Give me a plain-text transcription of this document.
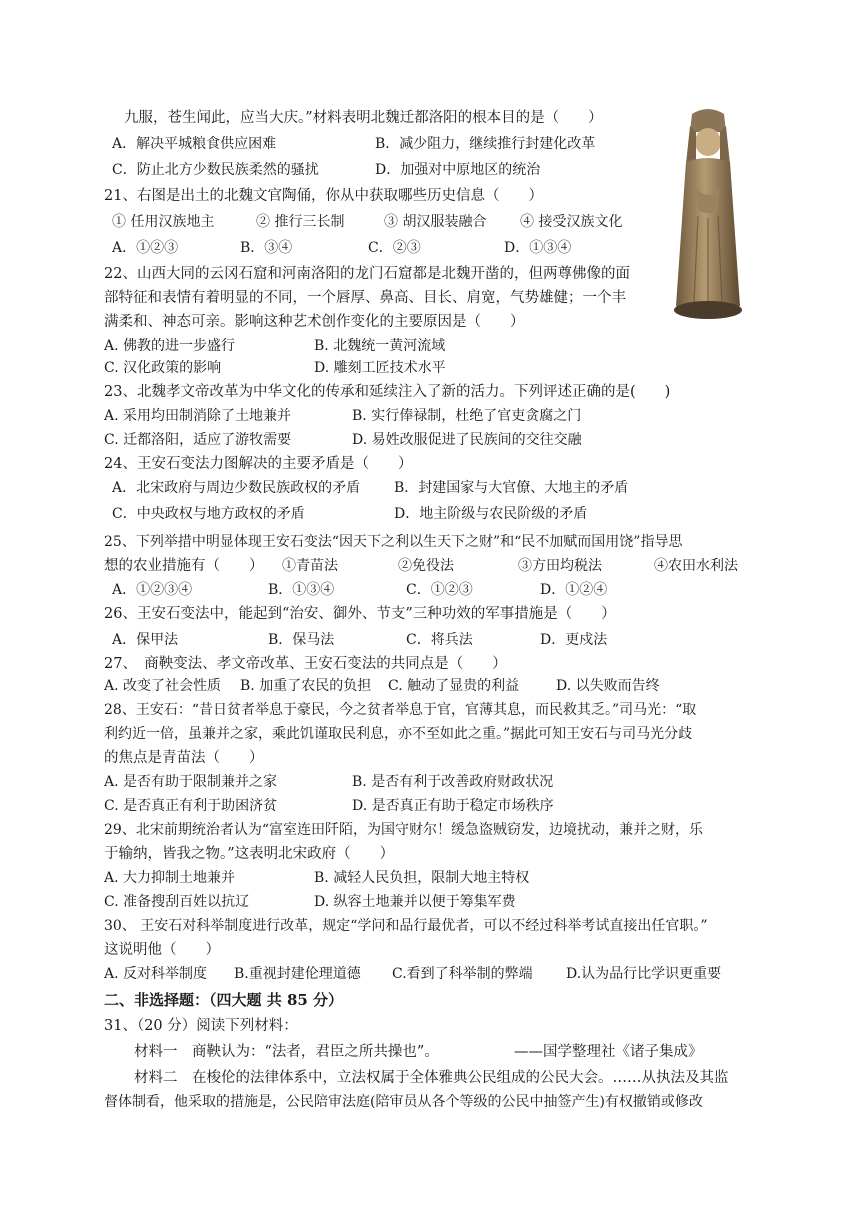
九服，苍生闻此，应当大庆。”材料表明北魏迁都洛阳的根本目的是（　　）
A．解决平城粮食供应困难	B．减少阻力，继续推行封建化改革
C．防止北方少数民族柔然的骚扰	D．加强对中原地区的统治
21、右图是出土的北魏文官陶俑，你从中获取哪些历史信息（　　）
① 任用汉族地主	② 推行三长制	③ 胡汉服装融合 ④ 接受汉族文化
A．①②③	B．③④	C．②③	D．①③④
22、山西大同的云冈石窟和河南洛阳的龙门石窟都是北魏开凿的，但两尊佛像的面
部特征和表情有着明显的不同，一个唇厚、鼻高、目长、肩宽，气势雄健；一个丰
满柔和、神态可亲。影响这种艺术创作变化的主要原因是（　　）
A. 佛教的进一步盛行	B. 北魏统一黄河流域
C. 汉化政策的影响	D. 雕刻工匠技术水平
23、北魏孝文帝改革为中华文化的传承和延续注入了新的活力。下列评述正确的是(　　)
A. 采用均田制消除了土地兼并	B. 实行俸禄制，杜绝了官吏贪腐之门
C. 迁都洛阳，适应了游牧需要	D. 易姓改服促进了民族间的交往交融
24、王安石变法力图解决的主要矛盾是（　　）
A．北宋政府与周边少数民族政权的矛盾 B．封建国家与大官僚、大地主的矛盾
C．中央政权与地方政权的矛盾	D．地主阶级与农民阶级的矛盾
25、下列举措中明显体现王安石变法“因天下之利以生天下之财”和“民不加赋而国用饶”指导思
想的农业措施有（　　） ①青苗法	②免役法	③方田均税法	④农田水利法
A．①②③④	B．①③④	C．①②③	D．①②④
26、王安石变法中，能起到“治安、御外、节支”三种功效的军事措施是（　　）
A．保甲法	B．保马法	C．将兵法	D．更戍法
27、　商鞅变法、孝文帝改革、王安石变法的共同点是（　　）
A. 改变了社会性质 B. 加重了农民的负担 C. 触动了显贵的利益	D. 以失败而告终
28、王安石：“昔日贫者举息于豪民，今之贫者举息于官，官薄其息，而民救其乏。”司马光：“取
利约近一倍，虽兼并之家，乘此饥谨取民利息，亦不至如此之重。”据此可知王安石与司马光分歧
的焦点是青苗法（　　）
A. 是否有助于限制兼并之家	B. 是否有利于改善政府财政状况
C. 是否真正有利于助困济贫	D. 是否真正有助于稳定市场秩序
29、北宋前期统治者认为“富室连田阡陌，为国守财尔！缓急盗贼窃发，边境扰动，兼并之财，乐
于输纳，皆我之物。”这表明北宋政府（　　）
A. 大力抑制土地兼并	B. 减轻人民负担，限制大地主特权
C. 准备搜刮百姓以抗辽	D. 纵容土地兼并以便于筹集军费
30、 王安石对科举制度进行改革，规定“学问和品行最优者，可以不经过科举考试直接出任官职。”
这说明他（　　）
A. 反对科举制度 B.重视封建伦理道德 C.看到了科举制的弊端 D.认为品行比学识更重要
二、非选择题：（四大题 共 85 分）
31、（20 分）阅读下列材料：
材料一　商鞅认为：“法者，君臣之所共操也”。	——国学整理社《诸子集成》
材料二　在梭伦的法律体系中，立法权属于全体雅典公民组成的公民大会。……从执法及其监
督体制看，他采取的措施是，公民陪审法庭(陪审员从各个等级的公民中抽签产生)有权撤销或修改
